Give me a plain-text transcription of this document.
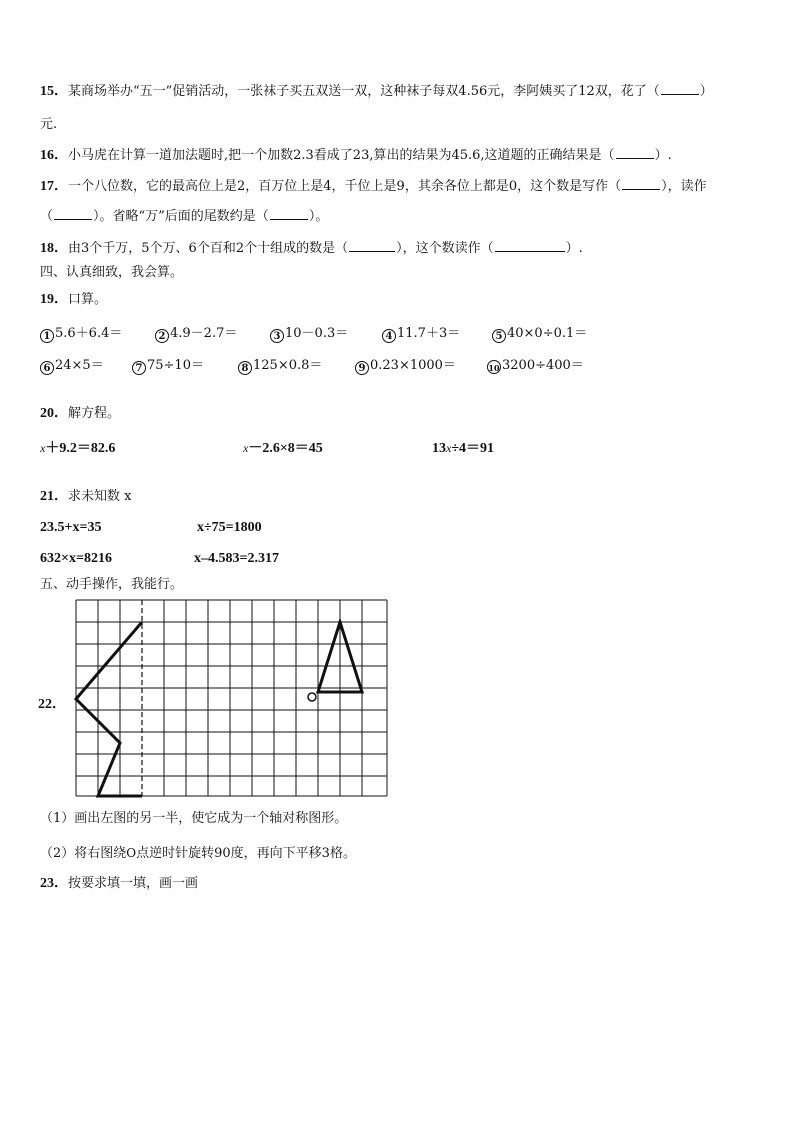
15．某商场举办“五一”促销活动，一张袜子买五双送一双，这种袜子每双4.56元，李阿姨买了12双，花了（	）
元.
16．小马虎在计算一道加法题时,把一个加数2.3看成了23,算出的结果为45.6,这道题的正确结果是（	）.
17．一个八位数，它的最高位上是2，百万位上是4，千位上是9，其余各位上都是0，这个数是写作（	），读作
（	）。省略“万”后面的尾数约是（	）。
18．由3个千万，5个万、6个百和2个十组成的数是（	），这个数读作（	）.
四、认真细致，我会算。
19．口算。
1 5.6＋6.4＝	2 4.9－2.7＝	3 10－0.3＝	4 11.7＋3＝	5 40×0÷0.1＝
6 24×5＝	7 75÷10＝	8 125×0.8＝	9 0.23×1000＝	10 3200÷400＝
20．解方程。
x＋9.2＝82.6	x－2.6×8＝45	13x÷4＝91
21．求未知数 x
23.5+x=35	x÷75=1800
632×x=8216	x–4.583=2.317
五、动手操作，我能行。
22．
（1）画出左图的另一半，使它成为一个轴对称图形。
（2）将右图绕O点逆时针旋转90度，再向下平移3格。
23．按要求填一填，画一画
